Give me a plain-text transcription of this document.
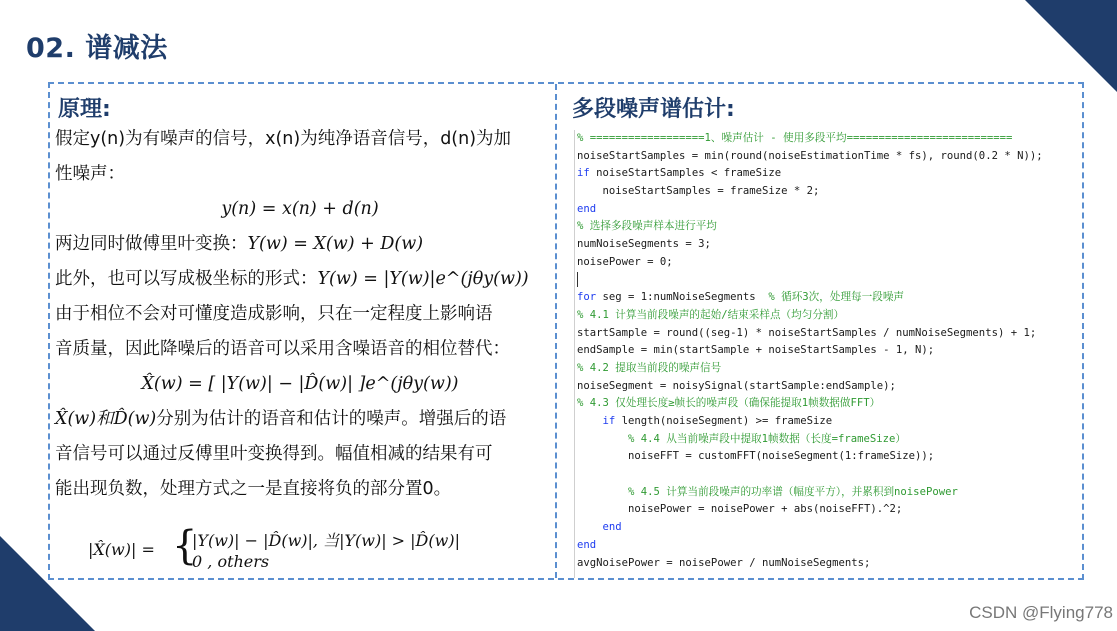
02. 谱减法
原理:

假定y(n)为有噪声的信号，x(n)为纯净语音信号，d(n)为加

性噪声：

y(n) = x(n) + d(n)

两边同时做傅里叶变换：Y(w) = X(w) + D(w)

此外，也可以写成极坐标的形式：Y(w) = |Y(w)|e^(jθy(w))

由于相位不会对可懂度造成影响，只在一定程度上影响语

音质量，因此降噪后的语音可以采用含噪语音的相位替代：

X̂(w) = [ |Y(w)| − |D̂(w)| ]e^(jθy(w))

X̂(w)和D̂(w)分别为估计的语音和估计的噪声。增强后的语

音信号可以通过反傅里叶变换得到。幅值相减的结果有可

能出现负数，处理方式之一是直接将负的部分置0。

|X̂(w)| = {
|Y(w)| − |D̂(w)|, 当|Y(w)| > |D̂(w)|
0 , others
多段噪声谱估计:
% ==================1、噪声估计 - 使用多段平均==========================
noiseStartSamples = min(round(noiseEstimationTime * fs), round(0.2 * N));
if noiseStartSamples < frameSize
noiseStartSamples = frameSize * 2;
end
% 选择多段噪声样本进行平均
numNoiseSegments = 3;
noisePower = 0;
for seg = 1:numNoiseSegments  % 循环3次，处理每一段噪声
% 4.1 计算当前段噪声的起始/结束采样点（均匀分割）
startSample = round((seg-1) * noiseStartSamples / numNoiseSegments) + 1;
endSample = min(startSample + noiseStartSamples - 1, N);
% 4.2 提取当前段的噪声信号
noiseSegment = noisySignal(startSample:endSample);
% 4.3 仅处理长度≥帧长的噪声段（确保能提取1帧数据做FFT）
if length(noiseSegment) >= frameSize
% 4.4 从当前噪声段中提取1帧数据（长度=frameSize）
noiseFFT = customFFT(noiseSegment(1:frameSize));
% 4.5 计算当前段噪声的功率谱（幅度平方），并累积到noisePower
noisePower = noisePower + abs(noiseFFT).^2;
end
end
avgNoisePower = noisePower / numNoiseSegments;
CSDN @Flying778
